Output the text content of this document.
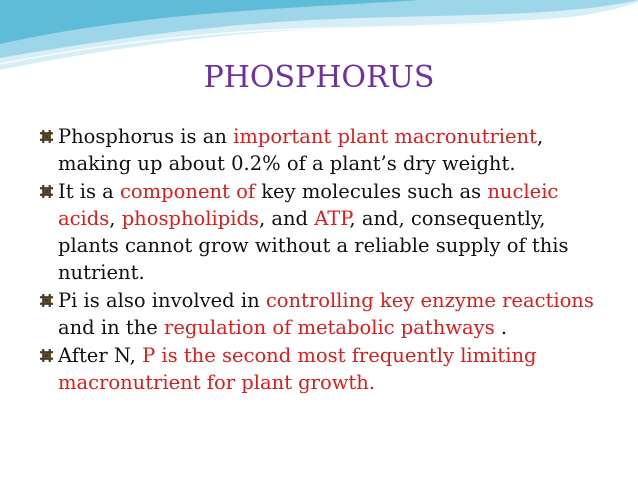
PHOSPHORUS
Phosphorus is an important plant macronutrient, making up about 0.2% of a plant’s dry weight.
It is a component of key molecules such as nucleic acids, phospholipids, and ATP, and, consequently, plants cannot grow without a reliable supply of this nutrient.
Pi is also involved in controlling key enzyme reactions and in the regulation of metabolic pathways .
After N, P is the second most frequently limiting macronutrient for plant growth.
